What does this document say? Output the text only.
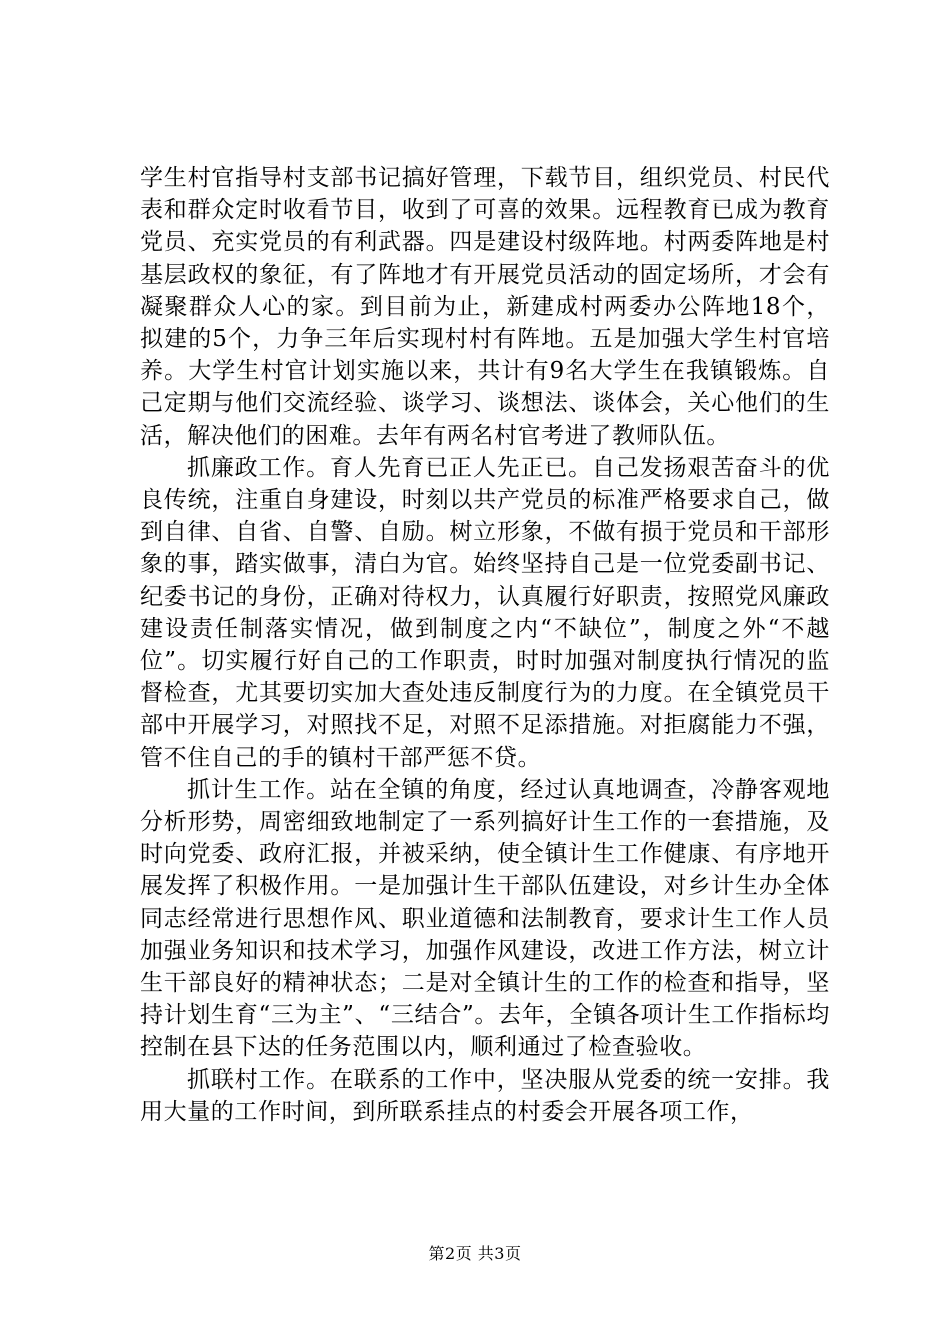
学生村官指导村支部书记搞好管理，下载节目，组织党员、村民代表和群众定时收看节目，收到了可喜的效果。远程教育已成为教育党员、充实党员的有利武器。四是建设村级阵地。村两委阵地是村基层政权的象征，有了阵地才有开展党员活动的固定场所，才会有凝聚群众人心的家。到目前为止，新建成村两委办公阵地18个，拟建的5个，力争三年后实现村村有阵地。五是加强大学生村官培养。大学生村官计划实施以来，共计有9名大学生在我镇锻炼。自己定期与他们交流经验、谈学习、谈想法、谈体会，关心他们的生活，解决他们的困难。去年有两名村官考进了教师队伍。

抓廉政工作。育人先育已正人先正已。自己发扬艰苦奋斗的优良传统，注重自身建设，时刻以共产党员的标准严格要求自己，做到自律、自省、自警、自励。树立形象，不做有损于党员和干部形象的事，踏实做事，清白为官。始终坚持自己是一位党委副书记、纪委书记的身份，正确对待权力，认真履行好职责，按照党风廉政建设责任制落实情况，做到制度之内“不缺位”，制度之外“不越位”。切实履行好自己的工作职责，时时加强对制度执行情况的监督检查，尤其要切实加大查处违反制度行为的力度。在全镇党员干部中开展学习，对照找不足，对照不足添措施。对拒腐能力不强，管不住自己的手的镇村干部严惩不贷。

抓计生工作。站在全镇的角度，经过认真地调查，冷静客观地分析形势，周密细致地制定了一系列搞好计生工作的一套措施，及时向党委、政府汇报，并被采纳，使全镇计生工作健康、有序地开展发挥了积极作用。一是加强计生干部队伍建设，对乡计生办全体同志经常进行思想作风、职业道德和法制教育，要求计生工作人员加强业务知识和技术学习，加强作风建设，改进工作方法，树立计生干部良好的精神状态；二是对全镇计生的工作的检查和指导，坚持计划生育“三为主”、“三结合”。去年，全镇各项计生工作指标均控制在县下达的任务范围以内，顺利通过了检查验收。

抓联村工作。在联系的工作中，坚决服从党委的统一安排。我用大量的工作时间，到所联系挂点的村委会开展各项工作，

第2页 共3页
